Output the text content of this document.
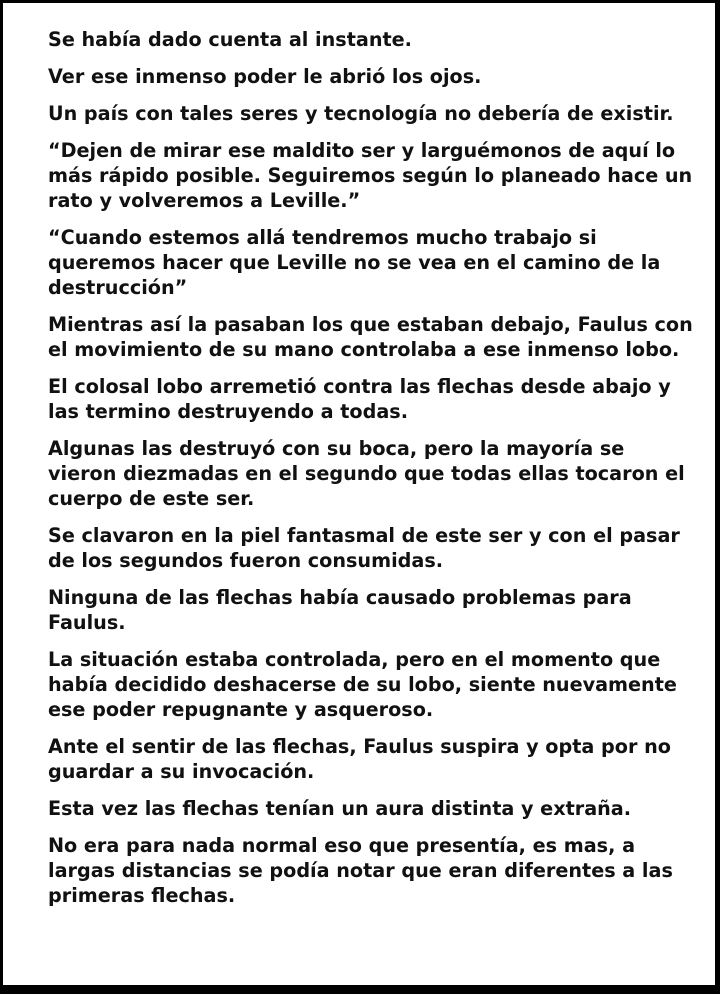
Se había dado cuenta al instante.

Ver ese inmenso poder le abrió los ojos.

Un país con tales seres y tecnología no debería de existir.

“Dejen de mirar ese maldito ser y larguémonos de aquí lo más rápido posible. Seguiremos según lo planeado hace un rato y volveremos a Leville.”

“Cuando estemos allá tendremos mucho trabajo si queremos hacer que Leville no se vea en el camino de la destrucción”

Mientras así la pasaban los que estaban debajo, Faulus con el movimiento de su mano controlaba a ese inmenso lobo.

El colosal lobo arremetió contra las flechas desde abajo y las termino destruyendo a todas.

Algunas las destruyó con su boca, pero la mayoría se vieron diezmadas en el segundo que todas ellas tocaron el cuerpo de este ser.

Se clavaron en la piel fantasmal de este ser y con el pasar de los segundos fueron consumidas.

Ninguna de las flechas había causado problemas para Faulus.

La situación estaba controlada, pero en el momento que había decidido deshacerse de su lobo, siente nuevamente ese poder repugnante y asqueroso.

Ante el sentir de las flechas, Faulus suspira y opta por no guardar a su invocación.

Esta vez las flechas tenían un aura distinta y extraña.

No era para nada normal eso que presentía, es mas, a largas distancias se podía notar que eran diferentes a las primeras flechas.
